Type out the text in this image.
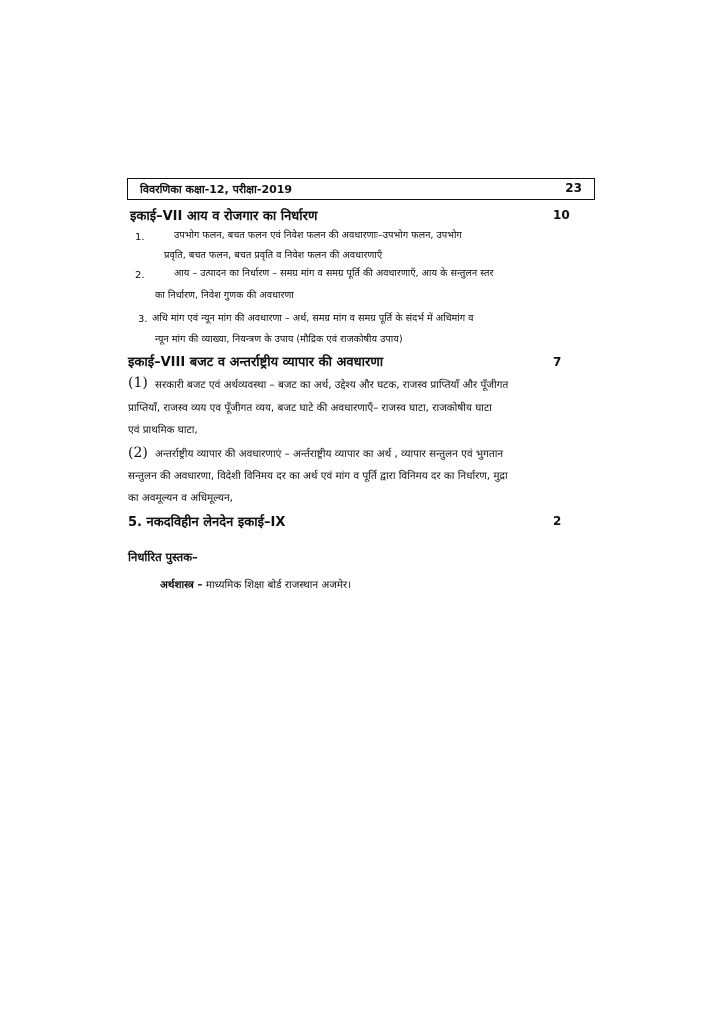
विवरणिका कक्षा-12, परीक्षा-2019	23
इकाई–VII आय व रोजगार का निर्धारण	10
1.	उपभोग फलन, बचत फलन एवं निवेश फलन की अवधारणाः–उपभोग फलन, उपभोग
प्रवृति, बचत फलन, बचत प्रवृति व निवेश फलन की अवधारणाएँ
2.	आय – उत्पादन का निर्धारण – समग्र मांग व समग्र पूर्ति की अवधारणाएँ, आय के सन्तुलन स्तर
का निर्धारण, निवेश गुणक की अवधारणा
3. अधि मांग एवं न्यून मांग की अवधारणा – अर्थ, समग्र मांग व समग्र पूर्ति के संदर्भ में अधिमांग व
न्यून मांग की व्याख्या, नियन्त्रण के उपाय (मौद्रिक एवं राजकोषीय उपाय)
इकाई–VIII बजट व अन्तर्राष्ट्रीय व्यापार की अवधारणा	7
(1) सरकारी बजट एवं अर्थव्यवस्था – बजट का अर्थ, उद्देश्य और घटक, राजस्व प्राप्तियाँ और पूँजीगत
प्राप्तियाँ, राजस्व व्यय एव पूँजीगत व्यय, बजट घाटे की अवधारणाएँ– राजस्व घाटा, राजकोषीय घाटा
एवं प्राथमिक घाटा,
(2) अन्तर्राष्ट्रीय व्यापार की अवधारणाएं – अर्न्तराष्ट्रीय व्यापार का अर्थ , व्यापार सन्तुलन एवं भुगतान
सन्तुलन की अवधारणा, विदेशी विनिमय दर का अर्थ एवं मांग व पूर्ति द्वारा विनिमय दर का निर्धारण, मुद्रा
का अवमूल्यन व अधिमूल्यन,
5. नकदविहीन लेनदेन इकाई–IX	2
निर्धारित पुस्तक–
अर्थशास्त्र – माध्यमिक शिक्षा बोर्ड राजस्थान अजमेर।
